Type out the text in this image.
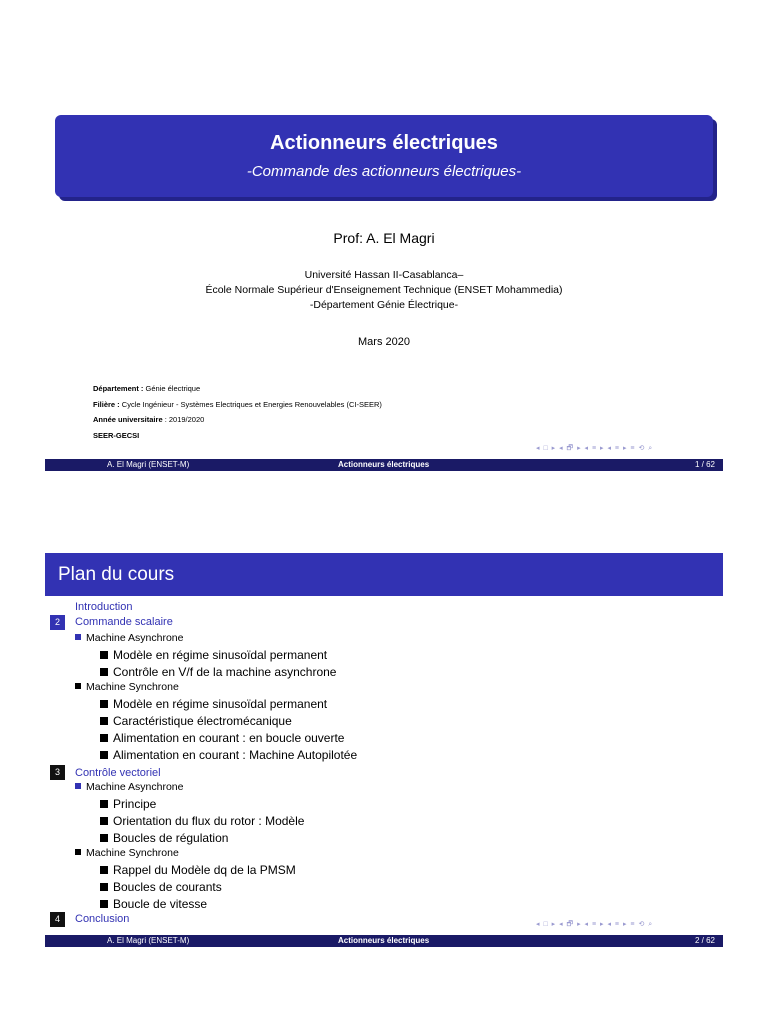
Actionneurs électriques
-Commande des actionneurs électriques-
Prof: A. El Magri
Université Hassan II-Casablanca–
École Normale Supérieur d'Enseignement Technique (ENSET Mohammedia)
-Département Génie Électrique-
Mars 2020
Département : Génie électrique
Filière : Cycle Ingénieur - Systèmes Electriques et Energies Renouvelables (CI-SEER)
Année universitaire : 2019/2020
SEER-GECSI
◂ □ ▸ ◂ 🗗 ▸ ◂ ≡ ▸ ◂ ≡ ▸ ≡ ⟲ ⌕
A. El Magri (ENSET-M)	Actionneurs électriques	1 / 62
Plan du cours
Introduction
2	Commande scalaire
Machine Asynchrone
Modèle en régime sinusoïdal permanent
Contrôle en V/f de la machine asynchrone
Machine Synchrone
Modèle en régime sinusoïdal permanent
Caractéristique électromécanique
Alimentation en courant : en boucle ouverte
Alimentation en courant : Machine Autopilotée
3	Contrôle vectoriel
Machine Asynchrone
Principe
Orientation du flux du rotor : Modèle
Boucles de régulation
Machine Synchrone
Rappel du Modèle dq de la PMSM
Boucles de courants
Boucle de vitesse
4	Conclusion	◂ □ ▸ ◂ 🗗 ▸ ◂ ≡ ▸ ◂ ≡ ▸ ≡ ⟲ ⌕
A. El Magri (ENSET-M)	Actionneurs électriques	2 / 62
